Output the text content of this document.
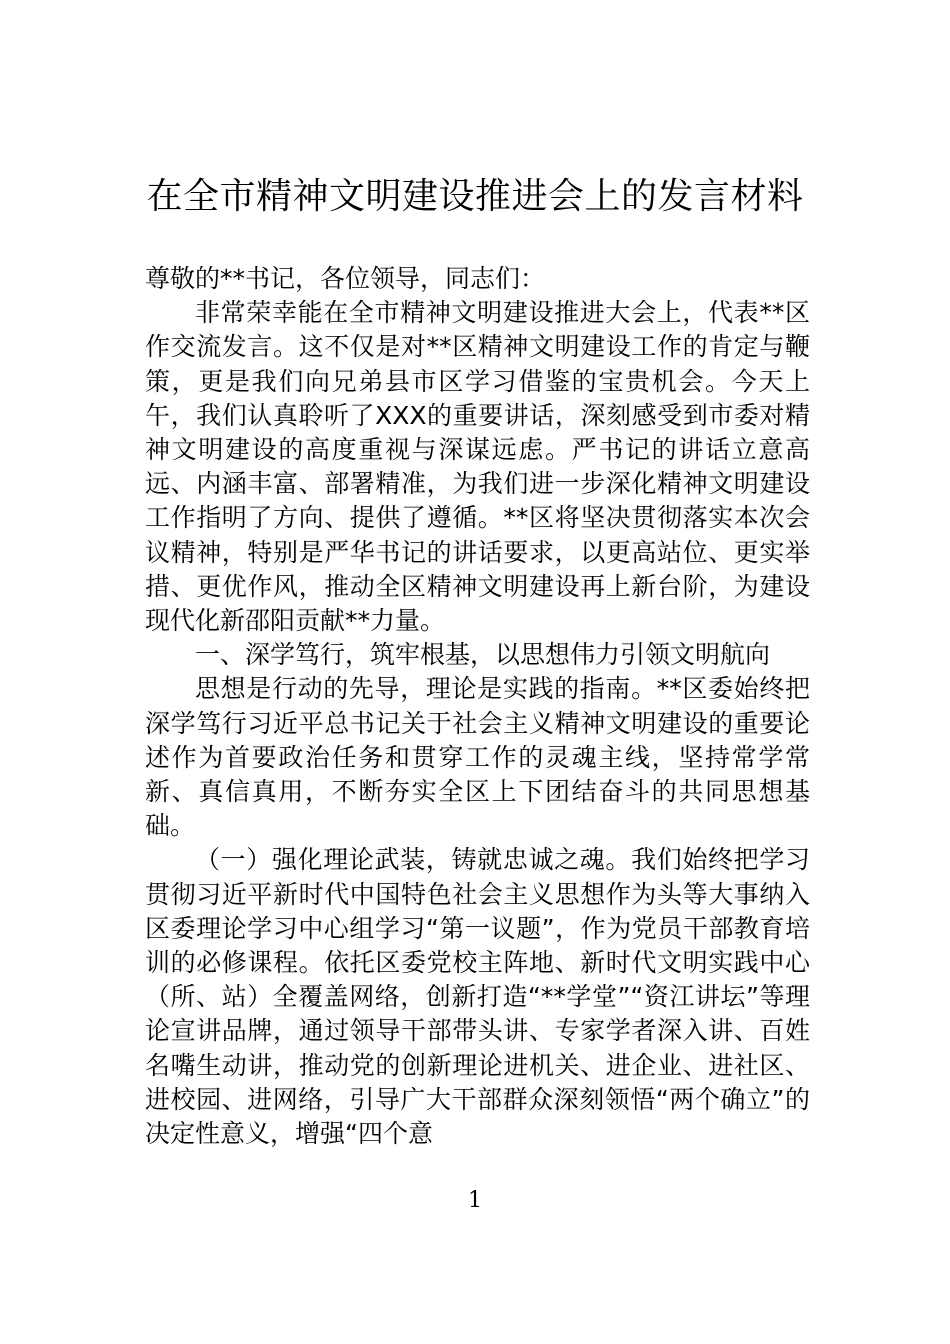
在全市精神文明建设推进会上的发言材料

尊敬的**书记，各位领导，同志们：

非常荣幸能在全市精神文明建设推进大会上，代表**区作交流发言。这不仅是对**区精神文明建设工作的肯定与鞭策，更是我们向兄弟县市区学习借鉴的宝贵机会。今天上午，我们认真聆听了XXX的重要讲话，深刻感受到市委对精神文明建设的高度重视与深谋远虑。严书记的讲话立意高远、内涵丰富、部署精准，为我们进一步深化精神文明建设工作指明了方向、提供了遵循。**区将坚决贯彻落实本次会议精神，特别是严华书记的讲话要求，以更高站位、更实举措、更优作风，推动全区精神文明建设再上新台阶，为建设现代化新邵阳贡献**力量。

一、深学笃行，筑牢根基，以思想伟力引领文明航向

思想是行动的先导，理论是实践的指南。**区委始终把深学笃行习近平总书记关于社会主义精神文明建设的重要论述作为首要政治任务和贯穿工作的灵魂主线，坚持常学常新、真信真用，不断夯实全区上下团结奋斗的共同思想基础。

（一）强化理论武装，铸就忠诚之魂。我们始终把学习贯彻习近平新时代中国特色社会主义思想作为头等大事纳入区委理论学习中心组学习“第一议题”，作为党员干部教育培训的必修课程。依托区委党校主阵地、新时代文明实践中心（所、站）全覆盖网络，创新打造“**学堂”“资江讲坛”等理论宣讲品牌，通过领导干部带头讲、专家学者深入讲、百姓名嘴生动讲，推动党的创新理论进机关、进企业、进社区、进校园、进网络，引导广大干部群众深刻领悟“两个确立”的决定性意义，增强“四个意

1
